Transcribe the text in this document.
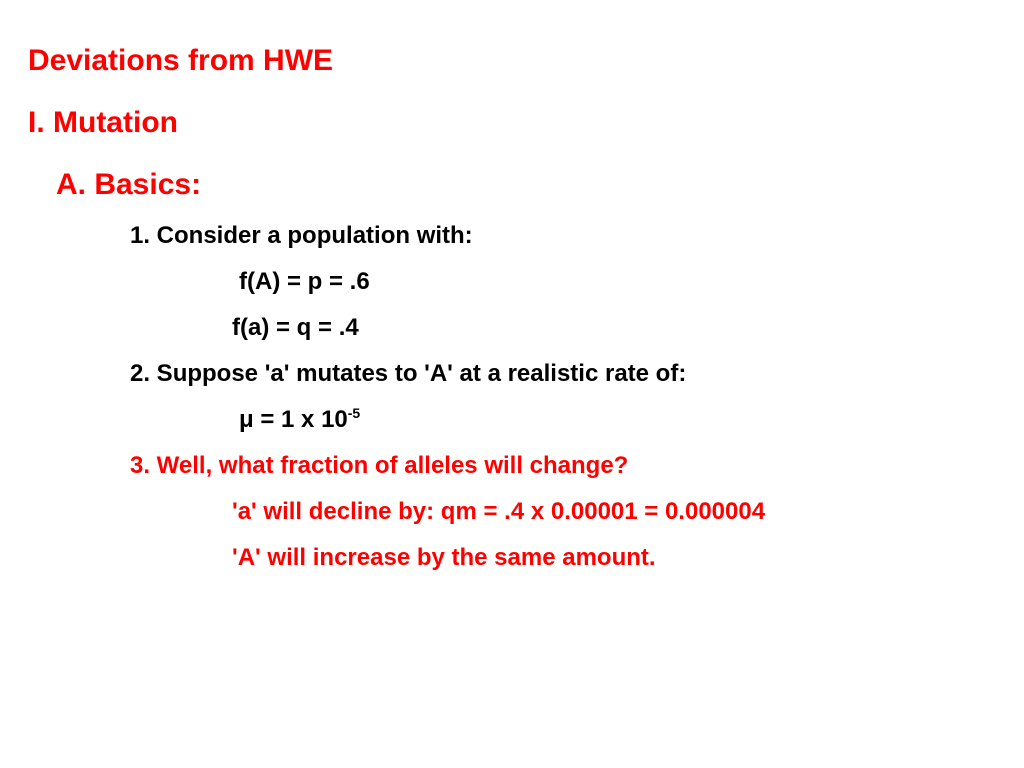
Deviations from HWE
I. Mutation
A. Basics:
1. Consider a population with:
f(A) = p = .6
f(a) = q = .4
2. Suppose 'a' mutates to 'A' at a realistic rate of:
μ = 1 x $10^{-5}$
3. Well, what fraction of alleles will change?
'a' will decline by: qm = .4 x 0.00001 = 0.000004
'A' will increase by the same amount.
